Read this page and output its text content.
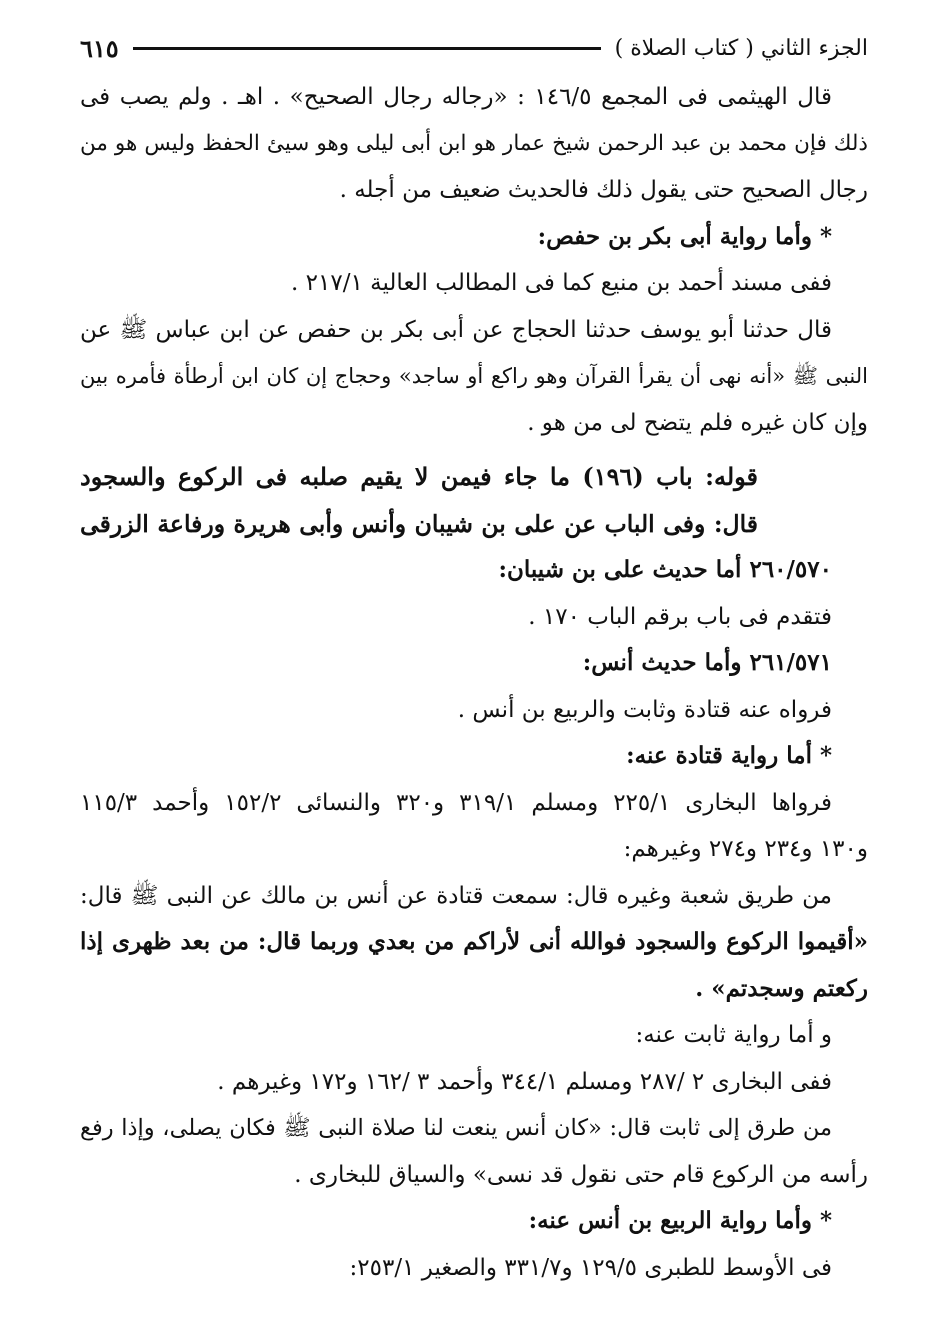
الجزء الثاني ( كتاب الصلاة )
٦١٥
قال الهيثمى فى المجمع ١٤٦/٥ : «رجاله رجال الصحيح» . اهـ . ولم يصب فى
ذلك فإن محمد بن عبد الرحمن شيخ عمار هو ابن أبى ليلى وهو سيئ الحفظ وليس هو من
رجال الصحيح حتى يقول ذلك فالحديث ضعيف من أجله .
* وأما رواية أبى بكر بن حفص:
ففى مسند أحمد بن منيع كما فى المطالب العالية ٢١٧/١ .
قال حدثنا أبو يوسف حدثنا الحجاج عن أبى بكر بن حفص عن ابن عباس ﷺ عن
النبى ﷺ «أنه نهى أن يقرأ القرآن وهو راكع أو ساجد» وحجاج إن كان ابن أرطأة فأمره بين
وإن كان غيره فلم يتضح لى من هو .
قوله: باب (١٩٦) ما جاء فيمن لا يقيم صلبه فى الركوع والسجود
قال: وفى الباب عن على بن شيبان وأنس وأبى هريرة ورفاعة الزرقى
٢٦٠/٥٧٠ أما حديث على بن شيبان:
فتقدم فى باب برقم الباب ١٧٠ .
٢٦١/٥٧١ وأما حديث أنس:
فرواه عنه قتادة وثابت والربيع بن أنس .
* أما رواية قتادة عنه:
فرواها البخارى ٢٢٥/١ ومسلم ٣١٩/١ و٣٢٠ والنسائى ١٥٢/٢ وأحمد ١١٥/٣
و١٣٠ و٢٣٤ و٢٧٤ وغيرهم:
من طريق شعبة وغيره قال: سمعت قتادة عن أنس بن مالك عن النبى ﷺ قال:
«أقيموا الركوع والسجود فوالله أنى لأراكم من بعدي وربما قال: من بعد ظهرى إذا
ركعتم وسجدتم» .
و أما رواية ثابت عنه:
ففى البخارى ٢ /٢٨٧ ومسلم ٣٤٤/١ وأحمد ٣ /١٦٢ و١٧٢ وغيرهم .
من طرق إلى ثابت قال: «كان أنس ينعت لنا صلاة النبى ﷺ فكان يصلى، وإذا رفع
رأسه من الركوع قام حتى نقول قد نسى» والسياق للبخارى .
* وأما رواية الربيع بن أنس عنه:
فى الأوسط للطبرى ١٢٩/٥ و٣٣١/٧ والصغير ٢٥٣/١:
